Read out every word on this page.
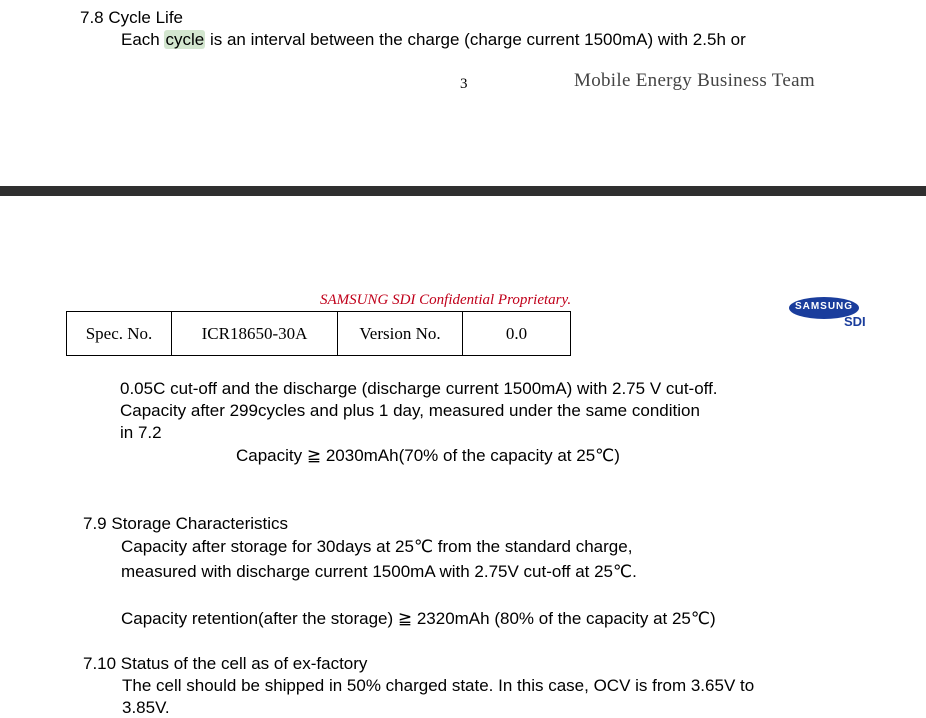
7.8 Cycle Life
Each cycle is an interval between the charge (charge current 1500mA) with 2.5h or
3	Mobile Energy Business Team
SAMSUNG SDI Confidential Proprietary.
Spec. No.	ICR18650-30A	Version No.	0.0
SAMSUNG
SDI
0.05C cut-off and the discharge (discharge current 1500mA) with 2.75 V cut-off.
Capacity after 299cycles and plus 1 day, measured under the same condition
in 7.2
Capacity ≧ 2030mAh(70% of the capacity at 25℃)
7.9 Storage Characteristics
Capacity after storage for 30days at 25℃ from the standard charge,
measured with discharge current 1500mA with 2.75V cut-off at 25℃.
Capacity retention(after the storage) ≧ 2320mAh (80% of the capacity at 25℃)
7.10 Status of the cell as of ex-factory
The cell should be shipped in 50% charged state. In this case, OCV is from 3.65V to
3.85V.
